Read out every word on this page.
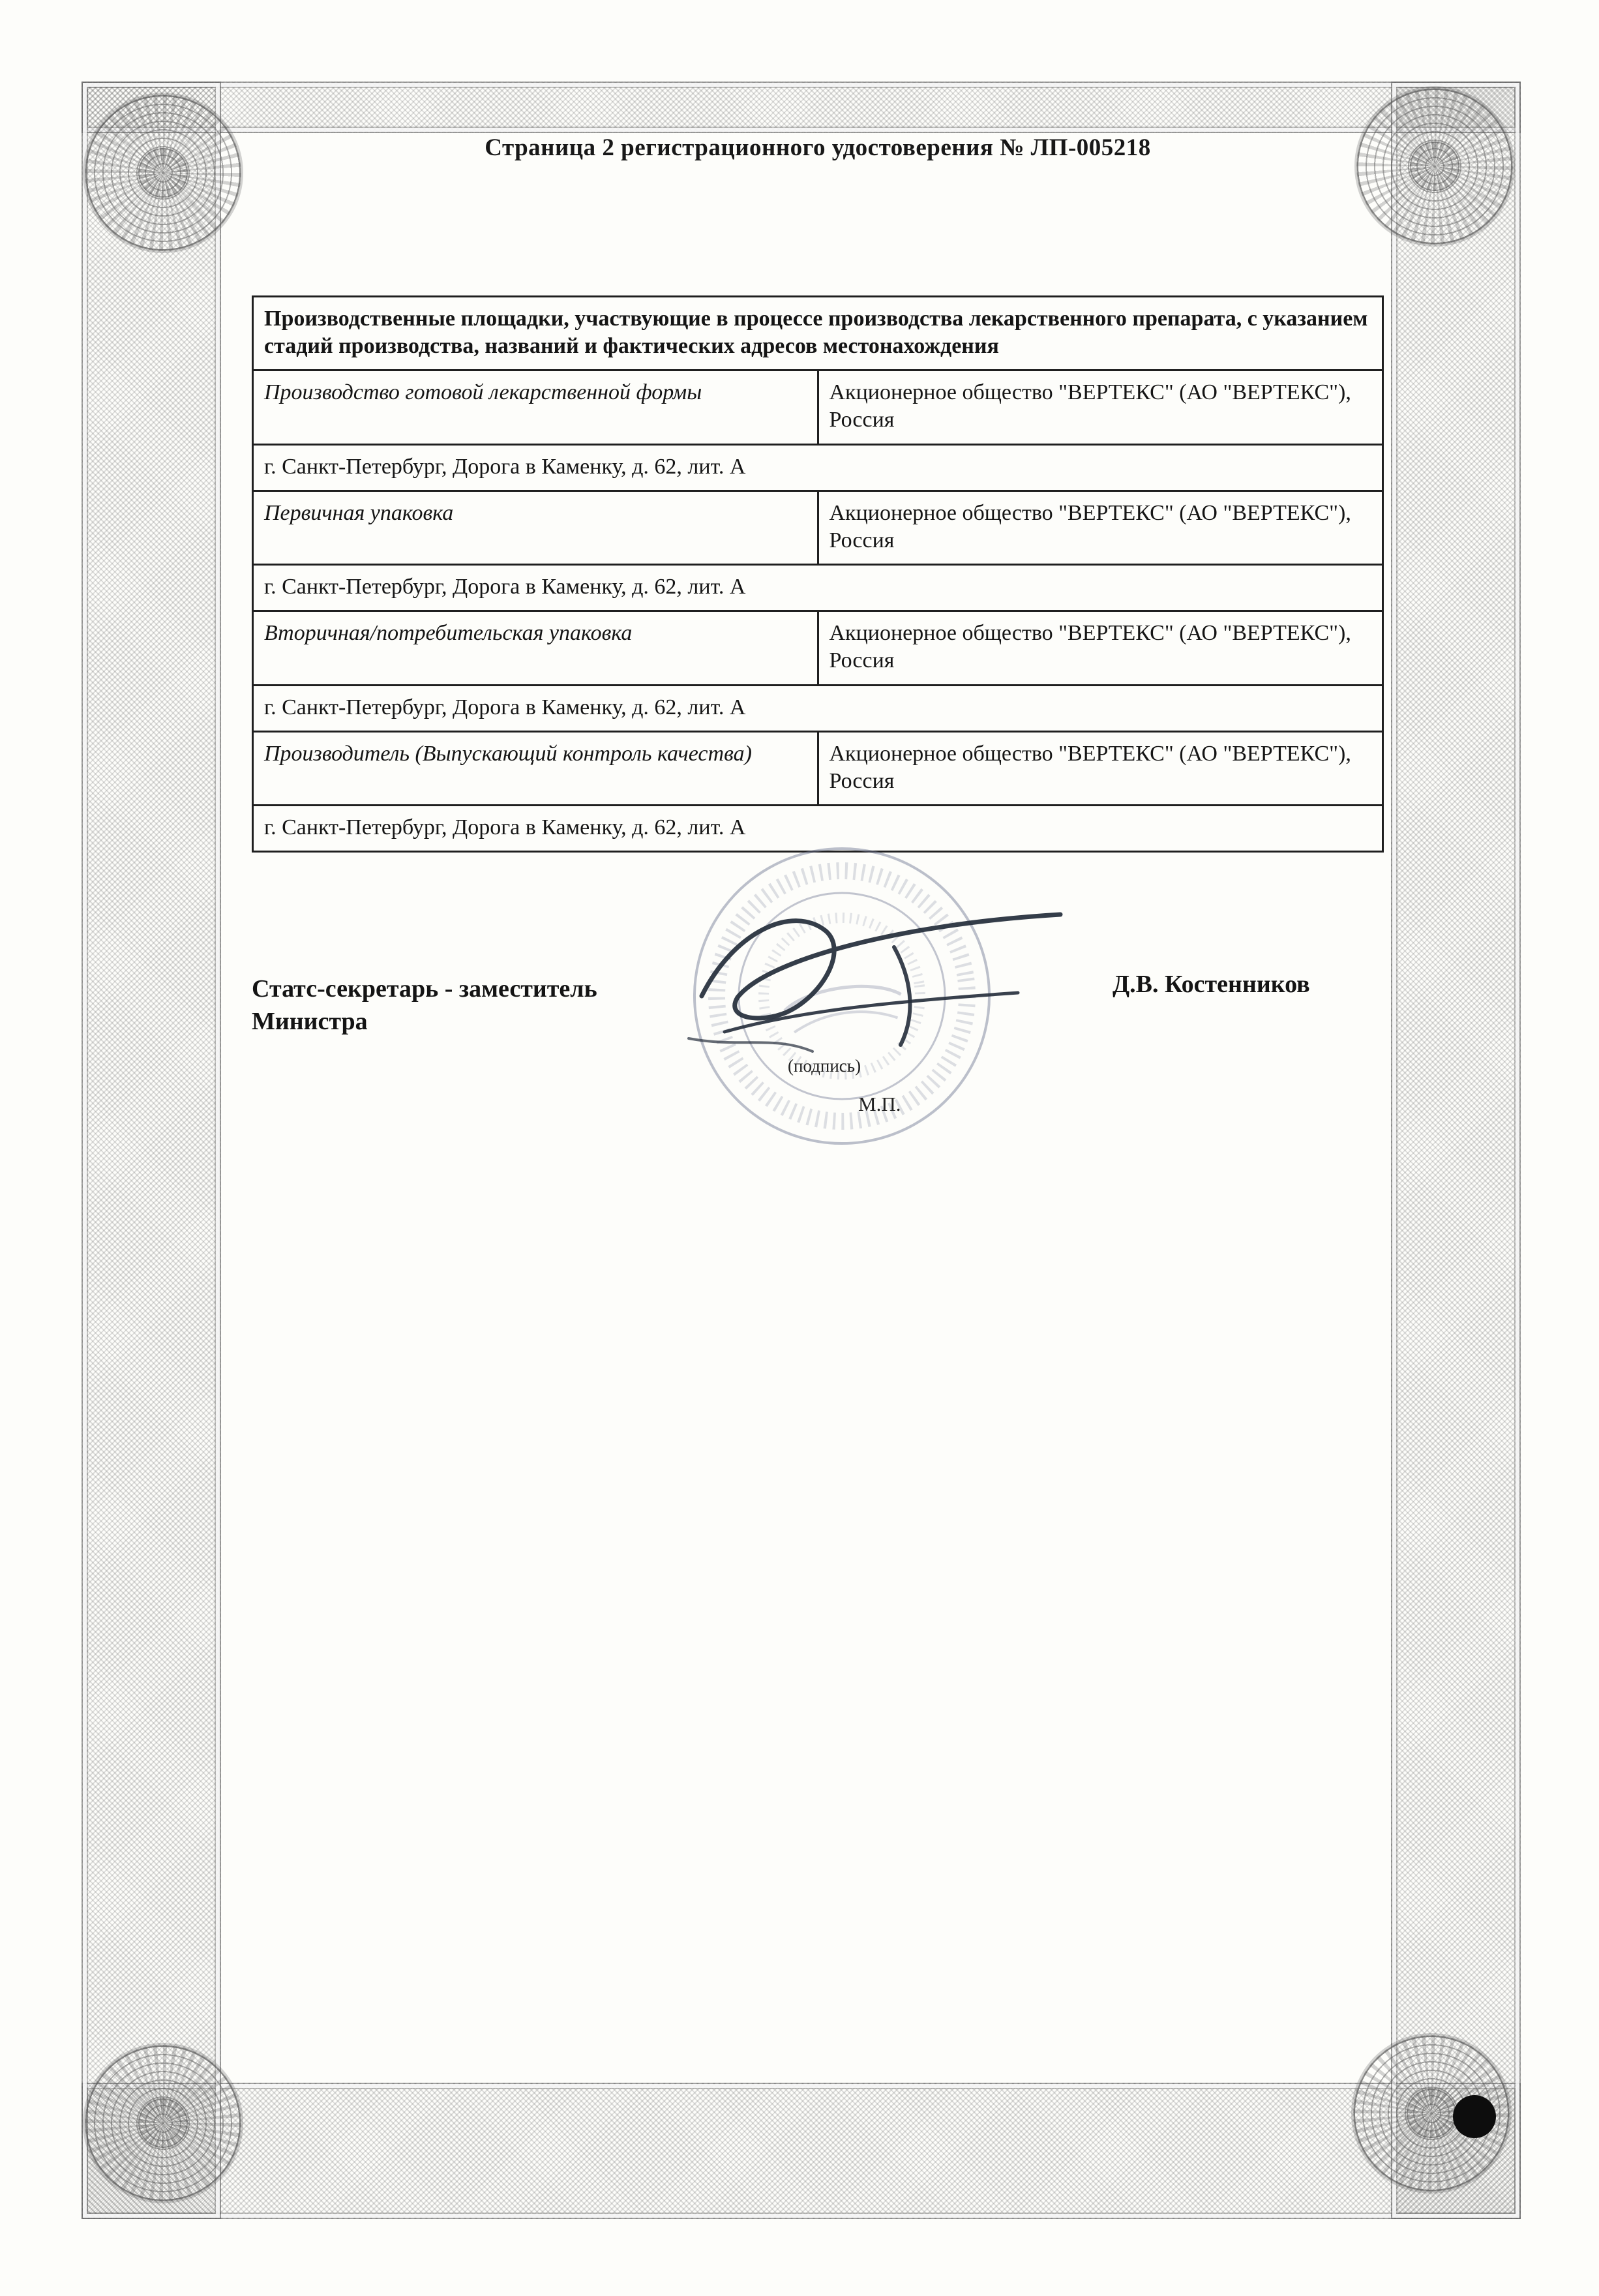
Страница 2 регистрационного удостоверения № ЛП-005218
Производственные площадки, участвующие в процессе производства лекарственного препарата, с указанием стадий производства, названий и фактических адресов местонахождения	
Производство готовой лекарственной формы	Акционерное общество "ВЕРТЕКС" (АО "ВЕРТЕКС"), Россия
г. Санкт-Петербург, Дорога в Каменку, д. 62, лит. А	
Первичная упаковка	Акционерное общество "ВЕРТЕКС" (АО "ВЕРТЕКС"), Россия
г. Санкт-Петербург, Дорога в Каменку, д. 62, лит. А	
Вторичная/потребительская упаковка	Акционерное общество "ВЕРТЕКС" (АО "ВЕРТЕКС"), Россия
г. Санкт-Петербург, Дорога в Каменку, д. 62, лит. А	
Производитель (Выпускающий контроль качества)	Акционерное общество "ВЕРТЕКС" (АО "ВЕРТЕКС"), Россия
г. Санкт-Петербург, Дорога в Каменку, д. 62, лит. А	
Статс-секретарь - заместитель Министра
(подпись)
М.П.
Д.В. Костенников
